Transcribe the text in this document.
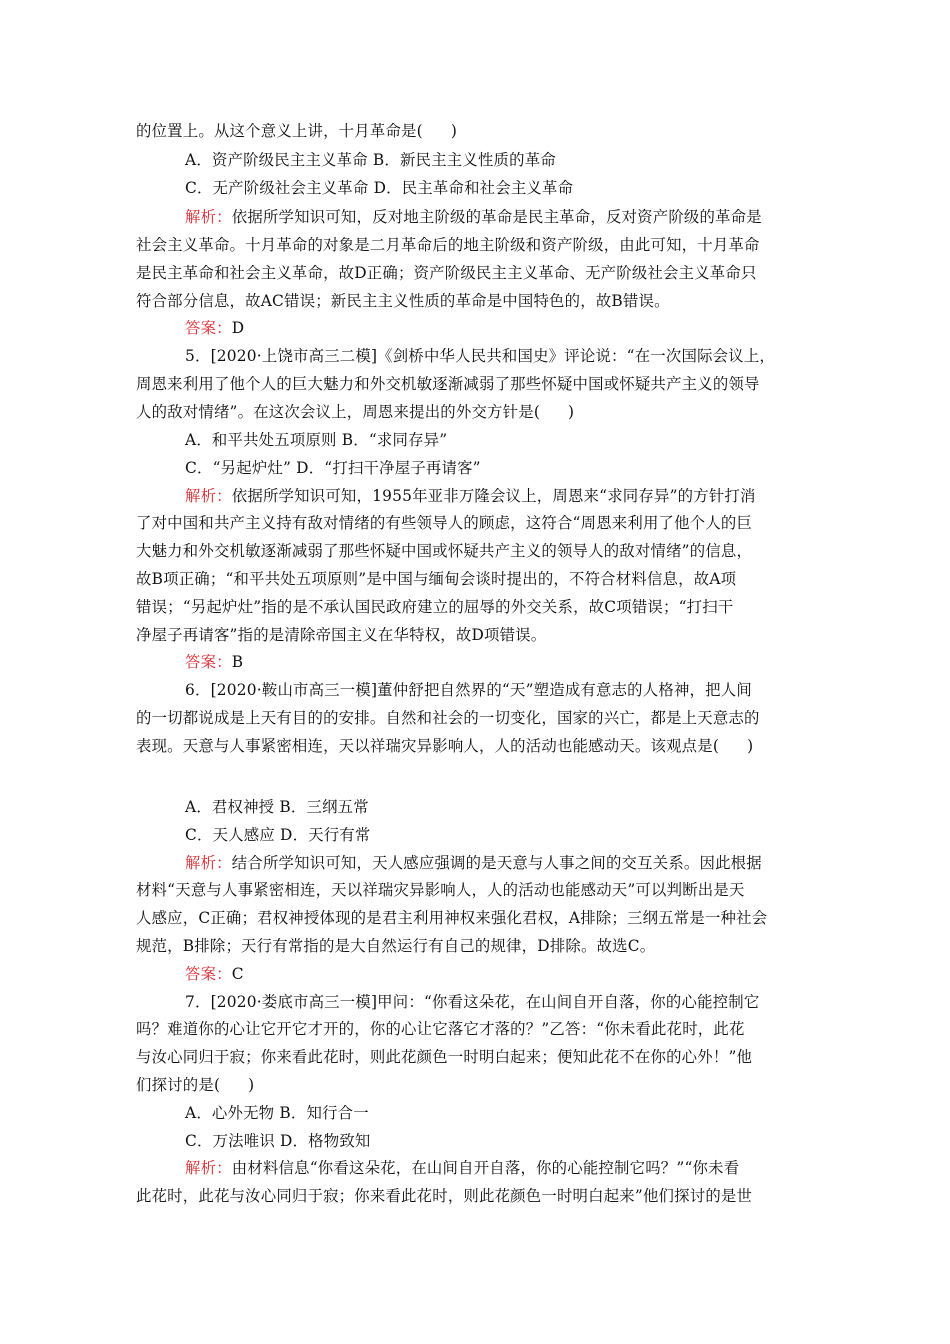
的位置上。从这个意义上讲，十月革命是( )
A．资产阶级民主主义革命 B．新民主主义性质的革命
C．无产阶级社会主义革命 D．民主革命和社会主义革命
解析：依据所学知识可知，反对地主阶级的革命是民主革命，反对资产阶级的革命是
社会主义革命。十月革命的对象是二月革命后的地主阶级和资产阶级，由此可知，十月革命
是民主革命和社会主义革命，故D正确；资产阶级民主主义革命、无产阶级社会主义革命只
符合部分信息，故AC错误；新民主主义性质的革命是中国特色的，故B错误。
答案：D
5．[2020·上饶市高三二模]《剑桥中华人民共和国史》评论说：“在一次国际会议上，
周恩来利用了他个人的巨大魅力和外交机敏逐渐减弱了那些怀疑中国或怀疑共产主义的领导
人的敌对情绪”。在这次会议上，周恩来提出的外交方针是( )
A．和平共处五项原则 B．“求同存异”
C．“另起炉灶” D．“打扫干净屋子再请客”
解析：依据所学知识可知，1955年亚非万隆会议上，周恩来“求同存异”的方针打消
了对中国和共产主义持有敌对情绪的有些领导人的顾虑，这符合“周恩来利用了他个人的巨
大魅力和外交机敏逐渐减弱了那些怀疑中国或怀疑共产主义的领导人的敌对情绪”的信息，
故B项正确；“和平共处五项原则”是中国与缅甸会谈时提出的，不符合材料信息，故A项
错误；“另起炉灶”指的是不承认国民政府建立的屈辱的外交关系，故C项错误；“打扫干
净屋子再请客”指的是清除帝国主义在华特权，故D项错误。
答案：B
6．[2020·鞍山市高三一模]董仲舒把自然界的“天”塑造成有意志的人格神，把人间
的一切都说成是上天有目的的安排。自然和社会的一切变化，国家的兴亡，都是上天意志的
表现。天意与人事紧密相连，天以祥瑞灾异影响人，人的活动也能感动天。该观点是( )
A．君权神授 B．三纲五常
C．天人感应 D．天行有常
解析：结合所学知识可知，天人感应强调的是天意与人事之间的交互关系。因此根据
材料“天意与人事紧密相连，天以祥瑞灾异影响人，人的活动也能感动天”可以判断出是天
人感应，C正确；君权神授体现的是君主利用神权来强化君权，A排除；三纲五常是一种社会
规范，B排除；天行有常指的是大自然运行有自己的规律，D排除。故选C。
答案：C
7．[2020·娄底市高三一模]甲问：“你看这朵花，在山间自开自落，你的心能控制它
吗？难道你的心让它开它才开的，你的心让它落它才落的？”乙答：“你未看此花时，此花
与汝心同归于寂；你来看此花时，则此花颜色一时明白起来；便知此花不在你的心外！”他
们探讨的是( )
A．心外无物 B．知行合一
C．万法唯识 D．格物致知
解析：由材料信息“你看这朵花，在山间自开自落，你的心能控制它吗？”“你未看
此花时，此花与汝心同归于寂；你来看此花时，则此花颜色一时明白起来”他们探讨的是世
